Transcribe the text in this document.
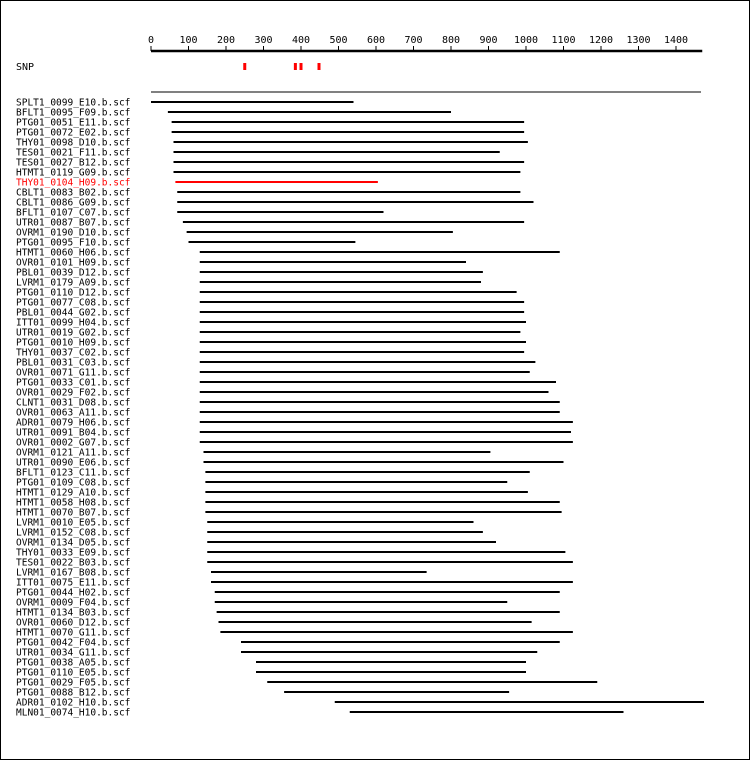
0	100 200 300 400 500 600 700 800 900 1000 1100 1200 1300 1400
SNP
SPLT1_0099_E10.b.scf
BFLT1_0095_F09.b.scf
PTG01_0051_E11.b.scf
PTG01_0072_E02.b.scf
THY01_0098_D10.b.scf
TES01_0021_F11.b.scf
TES01_0027_B12.b.scf
HTMT1_0119_G09.b.scf
THY01_0104_H09.b.scf
CBLT1_0083_B02.b.scf
CBLT1_0086_G09.b.scf
BFLT1_0107_C07.b.scf
UTR01_0087_B07.b.scf
OVRM1_0190_D10.b.scf
PTG01_0095_F10.b.scf
HTMT1_0060_H06.b.scf
OVR01_0101_H09.b.scf
PBL01_0039_D12.b.scf
LVRM1_0179_A09.b.scf
PTG01_0110_D12.b.scf
PTG01_0077_C08.b.scf
PBL01_0044_G02.b.scf
ITT01_0099_H04.b.scf
UTR01_0019_G02.b.scf
PTG01_0010_H09.b.scf
THY01_0037_C02.b.scf
PBL01_0031_C03.b.scf
OVR01_0071_G11.b.scf
PTG01_0033_C01.b.scf
OVR01_0029_F02.b.scf
CLNT1_0031_D08.b.scf
OVR01_0063_A11.b.scf
ADR01_0079_H06.b.scf
UTR01_0091_B04.b.scf
OVR01_0002_G07.b.scf
OVRM1_0121_A11.b.scf
UTR01_0090_E06.b.scf
BFLT1_0123_C11.b.scf
PTG01_0109_C08.b.scf
HTMT1_0129_A10.b.scf
HTMT1_0058_H08.b.scf
HTMT1_0070_B07.b.scf
LVRM1_0010_E05.b.scf
LVRM1_0152_C08.b.scf
OVRM1_0134_D05.b.scf
THY01_0033_E09.b.scf
TES01_0022_B03.b.scf
LVRM1_0167_B08.b.scf
ITT01_0075_E11.b.scf
PTG01_0044_H02.b.scf
OVRM1_0009_F04.b.scf
HTMT1_0134_B03.b.scf
OVR01_0060_D12.b.scf
HTMT1_0070_G11.b.scf
PTG01_0042_F04.b.scf
UTR01_0034_G11.b.scf
PTG01_0038_A05.b.scf
PTG01_0110_E05.b.scf
PTG01_0029_F05.b.scf
PTG01_0088_B12.b.scf
ADR01_0102_H10.b.scf
MLN01_0074_H10.b.scf
